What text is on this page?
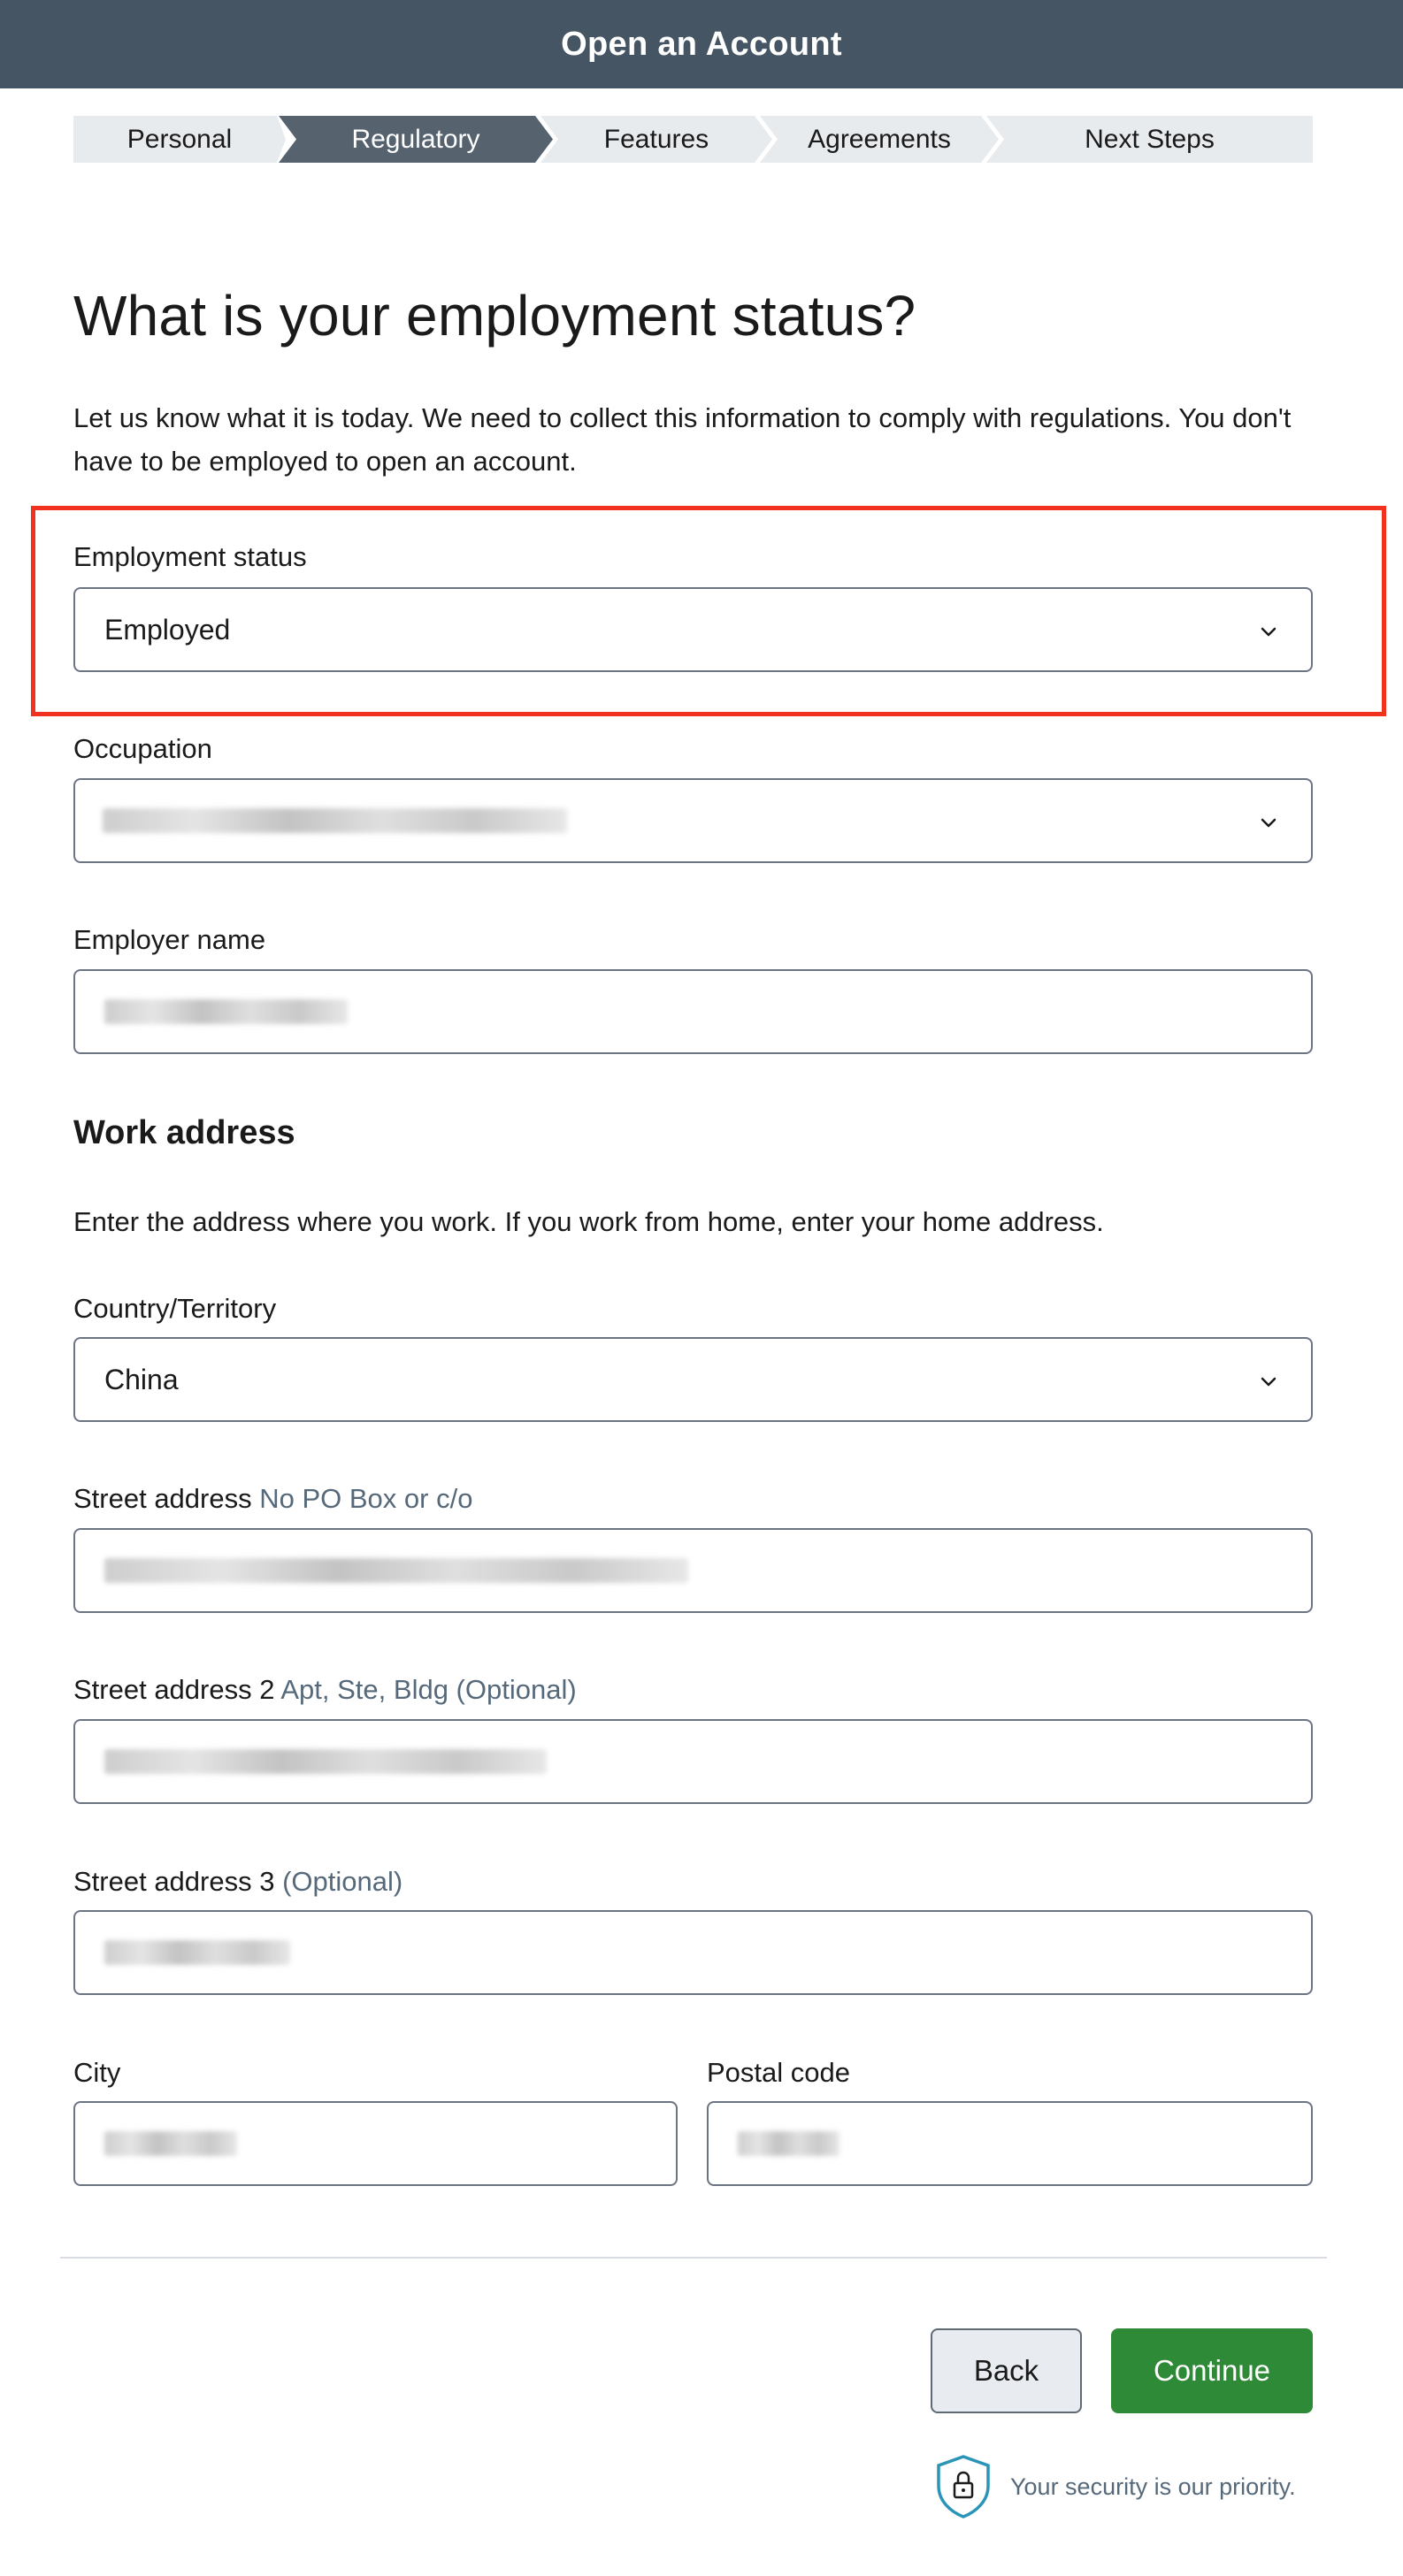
Open an Account
Personal	Regulatory	Features	Agreements	Next Steps
What is your employment status?

Let us know what it is today. We need to collect this information to comply with regulations. You don't have to be employed to open an account.

Employment status
Employed
Occupation
Employer name
Work address

Enter the address where you work. If you work from home, enter your home address.

Country/Territory
China
Street address No PO Box or c/o
Street address 2 Apt, Ste, Bldg (Optional)
Street address 3 (Optional)
City	Postal code
Back	Continue
Your security is our priority.
